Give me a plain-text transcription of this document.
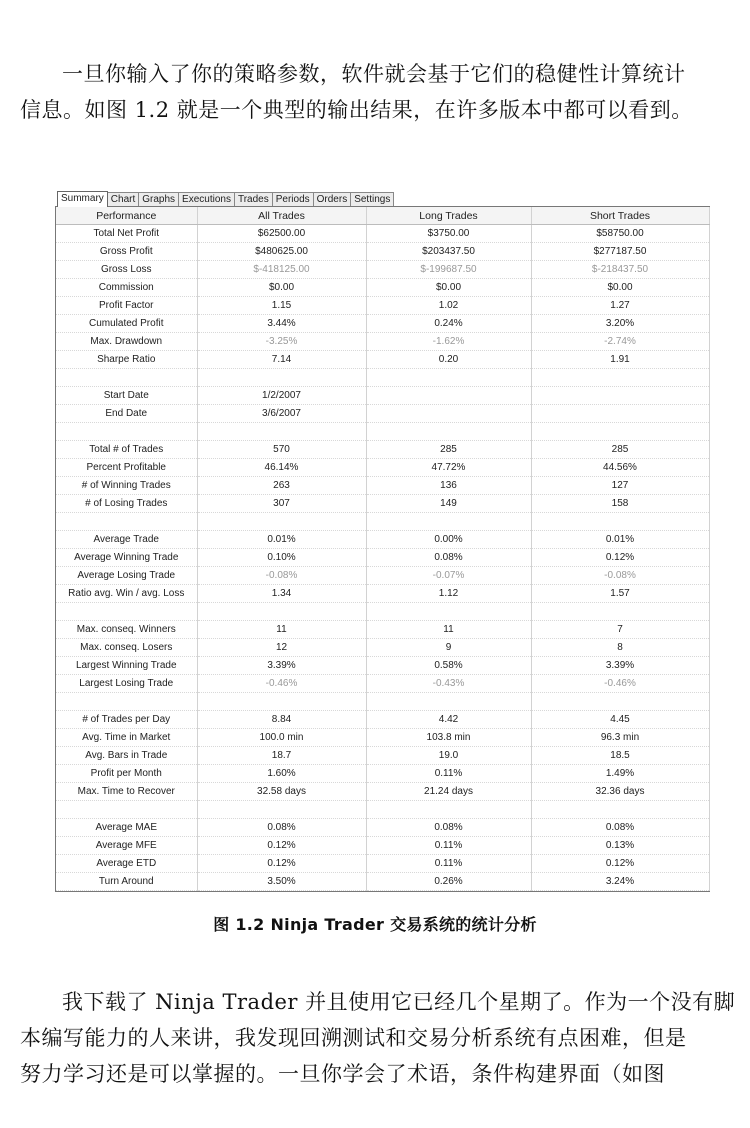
一旦你输入了你的策略参数，软件就会基于它们的稳健性计算统计
信息。如图 1.2 就是一个典型的输出结果，在许多版本中都可以看到。
Summary Chart Graphs Executions Trades Periods Orders Settings
Performance	All Trades	Long Trades	Short Trades
Total Net Profit	$62500.00	$3750.00	$58750.00
Gross Profit	$480625.00	$203437.50	$277187.50
Gross Loss	$-418125.00	$-199687.50	$-218437.50
Commission	$0.00	$0.00	$0.00
Profit Factor	1.15	1.02	1.27
Cumulated Profit	3.44%	0.24%	3.20%
Max. Drawdown	-3.25%	-1.62%	-2.74%
Sharpe Ratio	7.14	0.20	1.91

Start Date	1/2/2007		
End Date	3/6/2007		

Total # of Trades	570	285	285
Percent Profitable	46.14%	47.72%	44.56%
# of Winning Trades	263	136	127
# of Losing Trades	307	149	158

Average Trade	0.01%	0.00%	0.01%
Average Winning Trade	0.10%	0.08%	0.12%
Average Losing Trade	-0.08%	-0.07%	-0.08%
Ratio avg. Win / avg. Loss	1.34	1.12	1.57

Max. conseq. Winners	11	11	7
Max. conseq. Losers	12	9	8
Largest Winning Trade	3.39%	0.58%	3.39%
Largest Losing Trade	-0.46%	-0.43%	-0.46%

# of Trades per Day	8.84	4.42	4.45
Avg. Time in Market	100.0 min	103.8 min	96.3 min
Avg. Bars in Trade	18.7	19.0	18.5
Profit per Month	1.60%	0.11%	1.49%
Max. Time to Recover	32.58 days	21.24 days	32.36 days

Average MAE	0.08%	0.08%	0.08%
Average MFE	0.12%	0.11%	0.13%
Average ETD	0.12%	0.11%	0.12%
Turn Around	3.50%	0.26%	3.24%
图 1.2 Ninja Trader 交易系统的统计分析
我下载了 Ninja Trader 并且使用它已经几个星期了。作为一个没有脚
本编写能力的人来讲，我发现回溯测试和交易分析系统有点困难，但是
努力学习还是可以掌握的。一旦你学会了术语，条件构建界面（如图
